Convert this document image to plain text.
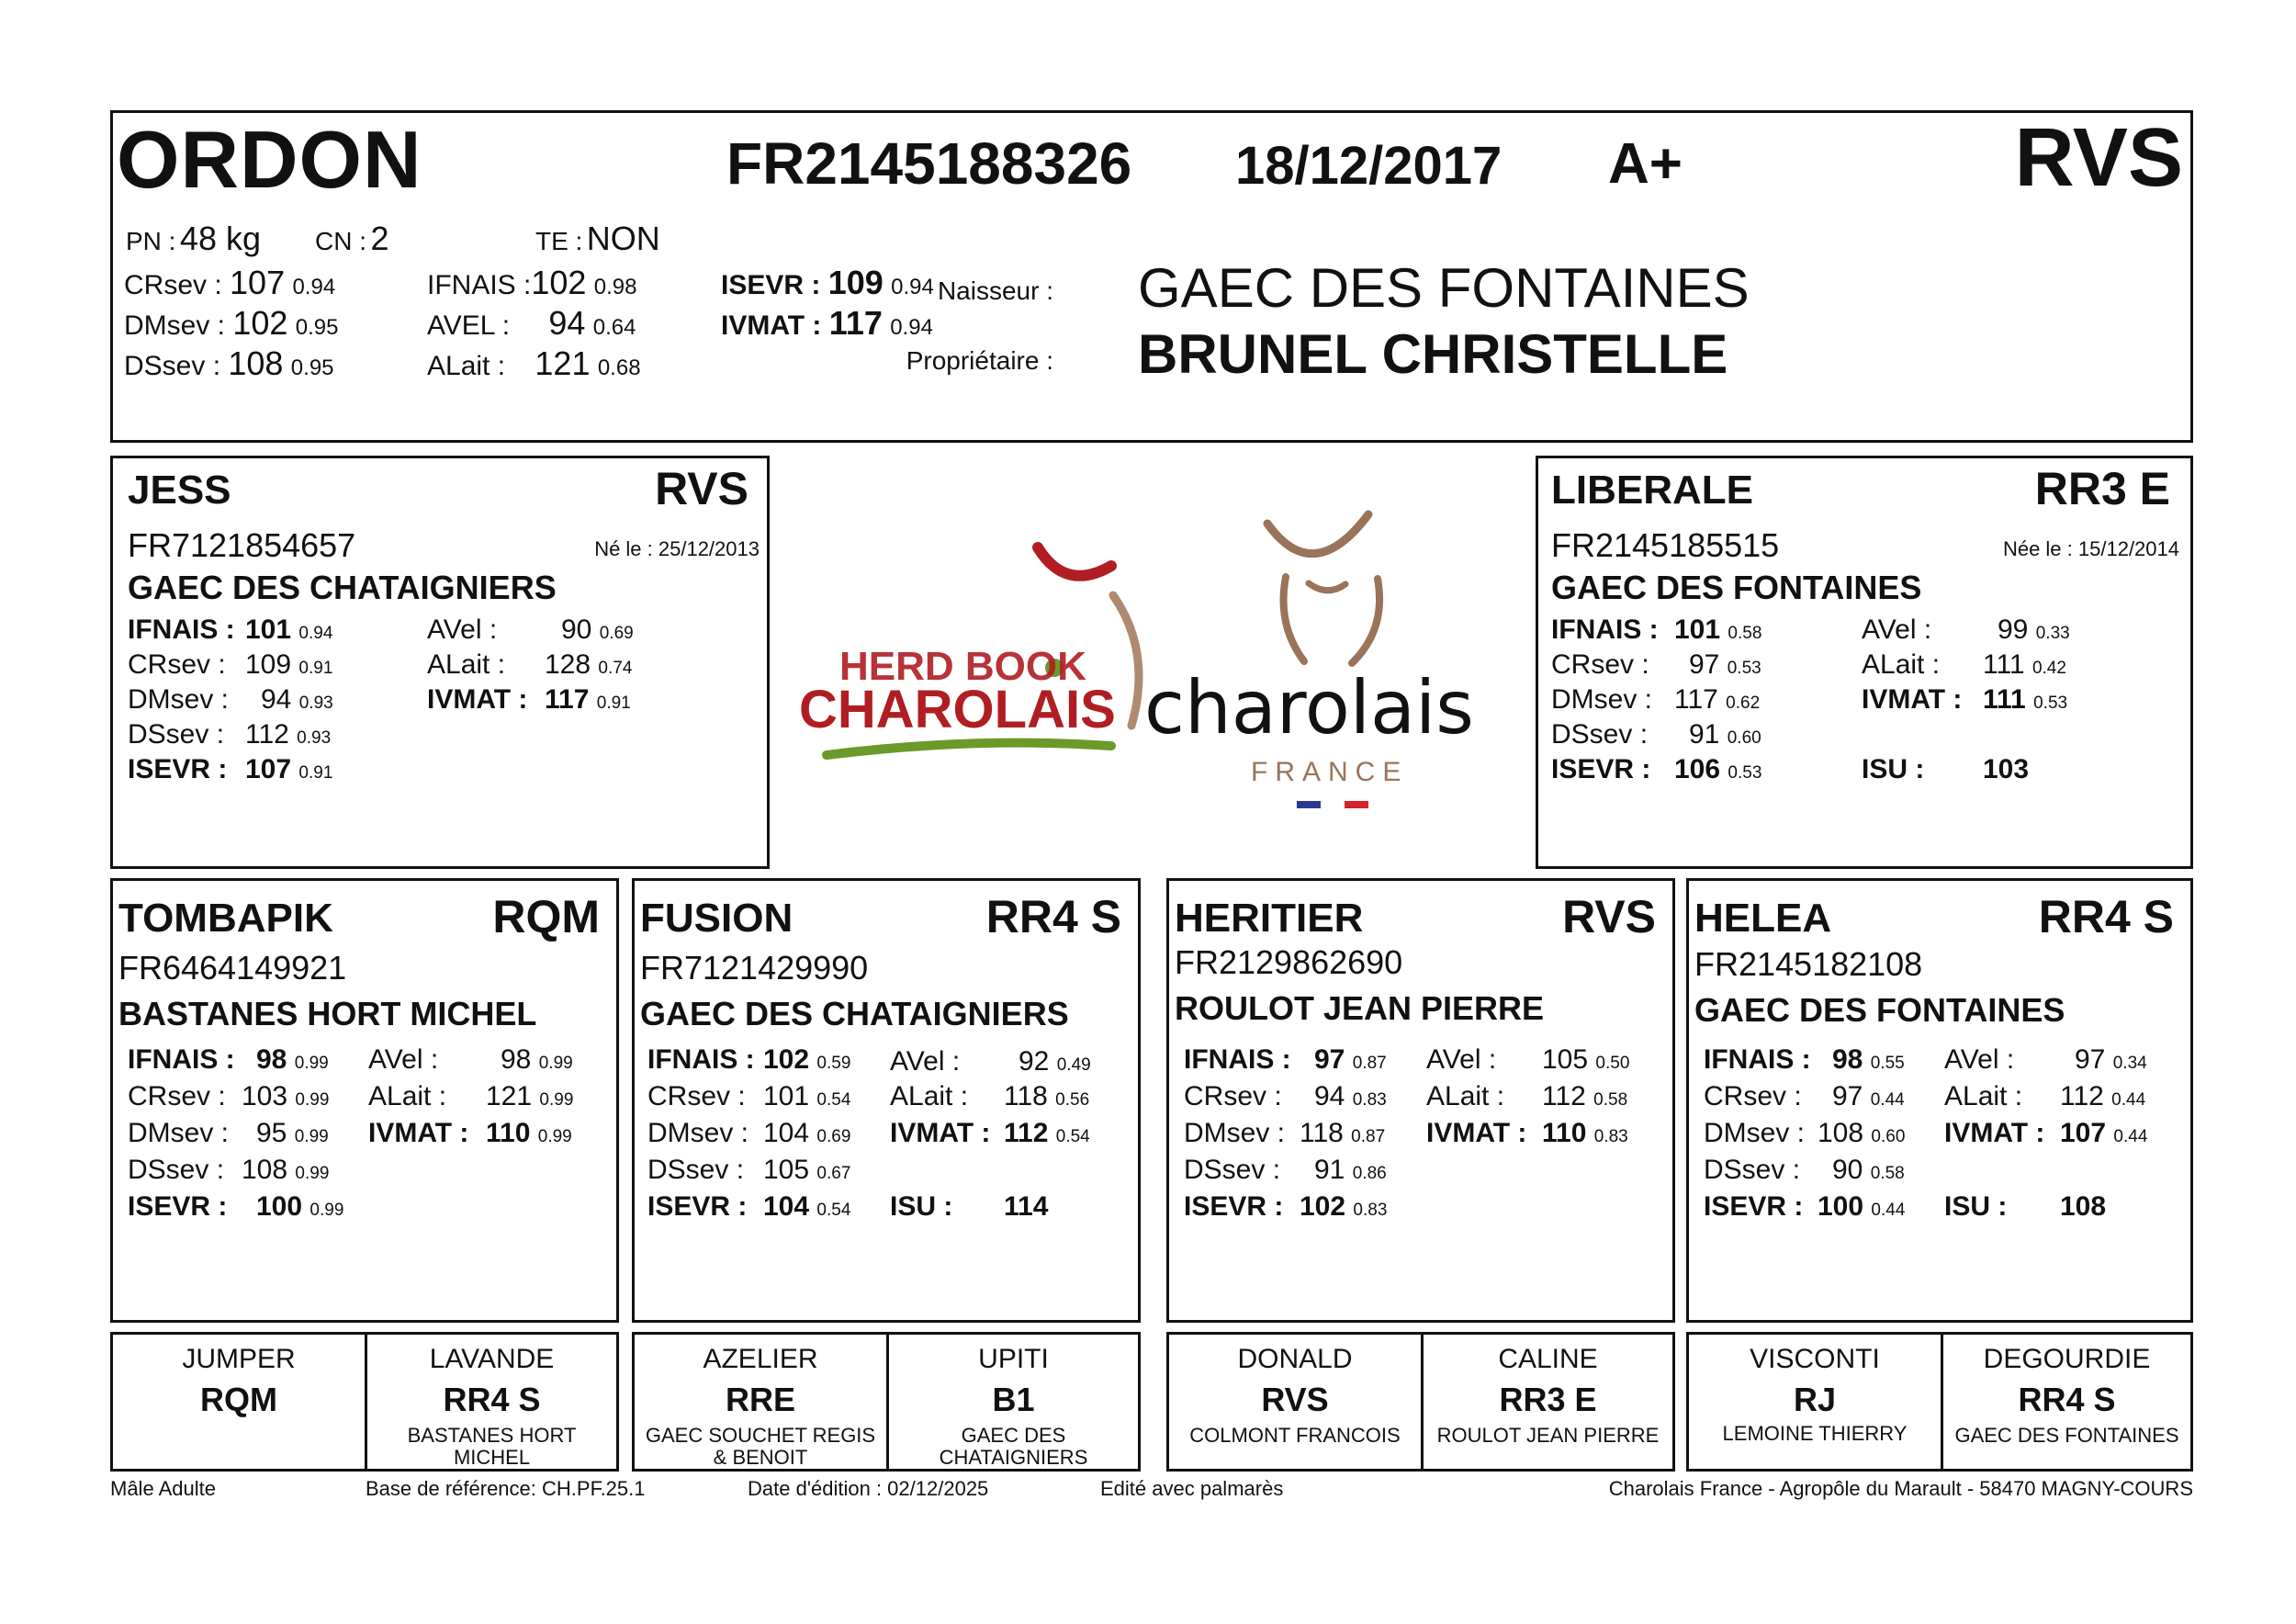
ORDON	FR2145188326 18/12/2017 A+	RVS
PN : 48 kg CN : 2	TE : NON
CRsev : 107 0.94
DMsev : 102 0.95
DSsev : 108 0.95
IFNAIS :102 0.98
AVEL : 94 0.64
ALait : 121 0.68
ISEVR : 109 0.94
IVMAT : 117 0.94
Naisseur : GAEC DES FONTAINES
Propriétaire : BRUNEL CHRISTELLE
JESS	RVS
FR7121854657	Né le : 25/12/2013
GAEC DES CHATAIGNIERS
IFNAIS : 101 0.94
CRsev : 109 0.91
DMsev : 94 0.93
DSsev : 112 0.93
ISEVR : 107 0.91
AVel : 90 0.69
ALait : 128 0.74
IVMAT : 117 0.91
HERD BOOK
CHAROLAIS charolais
FRANCE
LIBERALE	RR3 E
FR2145185515	Née le : 15/12/2014
GAEC DES FONTAINES
IFNAIS : 101 0.58
CRsev : 97 0.53
DMsev : 117 0.62
DSsev : 91 0.60
ISEVR : 106 0.53
AVel : 99 0.33
ALait : 111 0.42
IVMAT : 111 0.53
ISU : 103
TOMBAPIK	RQM
FR6464149921
BASTANES HORT MICHEL
IFNAIS : 98 0.99
CRsev : 103 0.99
DMsev : 95 0.99
DSsev : 108 0.99
ISEVR : 100 0.99
AVel : 98 0.99
ALait : 121 0.99
IVMAT : 110 0.99
FUSION	RR4 S
FR7121429990
GAEC DES CHATAIGNIERS
IFNAIS : 102 0.59
CRsev : 101 0.54
DMsev : 104 0.69
DSsev : 105 0.67
ISEVR : 104 0.54
AVel : 92 0.49
ALait : 118 0.56
IVMAT : 112 0.54
ISU : 114
HERITIER	RVS
FR2129862690
ROULOT JEAN PIERRE
IFNAIS : 97 0.87
CRsev : 94 0.83
DMsev : 118 0.87
DSsev : 91 0.86
ISEVR : 102 0.83
AVel : 105 0.50
ALait : 112 0.58
IVMAT : 110 0.83
HELEA	RR4 S
FR2145182108
GAEC DES FONTAINES
IFNAIS : 98 0.55
CRsev : 97 0.44
DMsev : 108 0.60
DSsev : 90 0.58
ISEVR : 100 0.44
AVel : 97 0.34
ALait : 112 0.44
IVMAT : 107 0.44
ISU : 108
JUMPER
RQM
LAVANDE
RR4 S
BASTANES HORT MICHEL
AZELIER
RRE
GAEC SOUCHET REGIS & BENOIT
UPITI
B1
GAEC DES CHATAIGNIERS
DONALD
RVS
COLMONT FRANCOIS
CALINE
RR3 E
ROULOT JEAN PIERRE
VISCONTI
RJ
LEMOINE THIERRY
DEGOURDIE
RR4 S
GAEC DES FONTAINES
Mâle Adulte	Base de référence: CH.PF.25.1	Date d'édition : 02/12/2025	Edité avec palmarès	Charolais France - Agropôle du Marault - 58470 MAGNY-COURS
